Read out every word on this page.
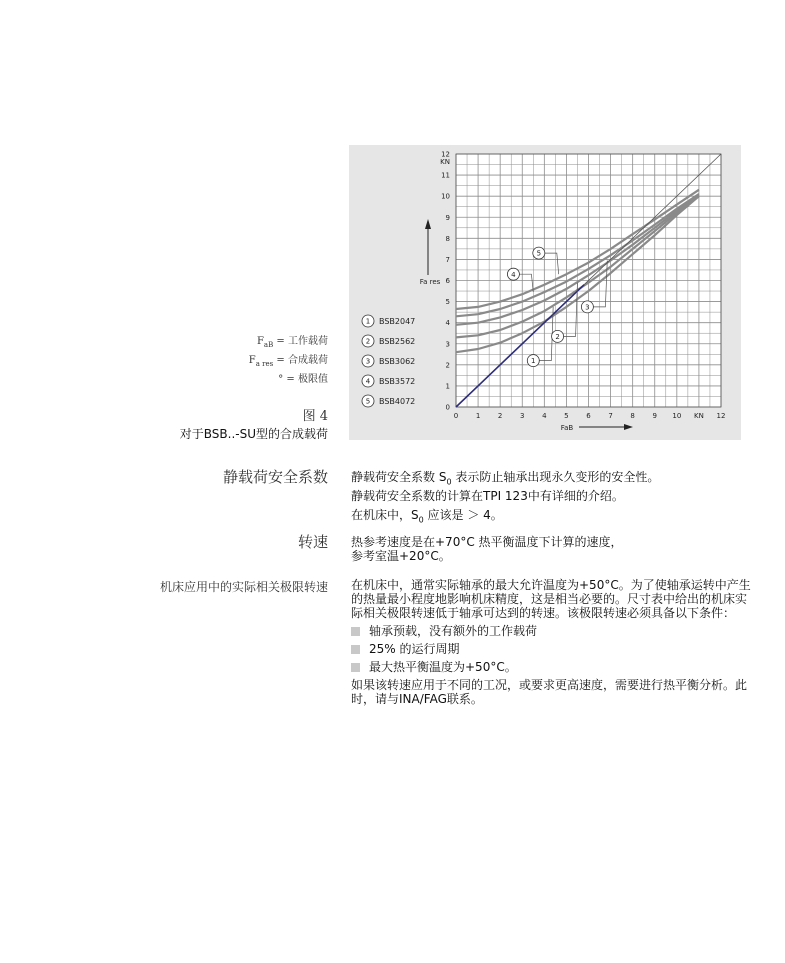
0	1	2	3	4	5	6	7	8	9 10 KN 12
0
1
2
3
4
5
6
7
8
9
10
11
12
KN
FaB
Fa res
1
2
3
4
5
1 BSB2047
2 BSB2562
3 BSB3062
4 BSB3572
5 BSB4072
$F_{aB}$ = 工作载荷
$F_{a res}$ = 合成载荷
° = 极限值
图 4
对于BSB..-SU型的合成载荷
静载荷安全系数 静载荷安全系数 $S_0$ 表示防止轴承出现永久变形的安全性。

静载荷安全系数的计算在TPI 123中有详细的介绍。

在机床中，$S_0$ 应该是 ＞ 4。

转速 热参考速度是在+70°C 热平衡温度下计算的速度，

参考室温+20°C。

机床应用中的实际相关极限转速 在机床中，通常实际轴承的最大允许温度为+50°C。为了使轴承运转中产生的热量最小程度地影响机床精度，这是相当必要的。尺寸表中给出的机床实际相关极限转速低于轴承可达到的转速。该极限转速必须具备以下条件：

轴承预载，没有额外的工作载荷
25% 的运行周期
最大热平衡温度为+50°C。

如果该转速应用于不同的工况，或要求更高速度，需要进行热平衡分析。此时，请与INA/FAG联系。
